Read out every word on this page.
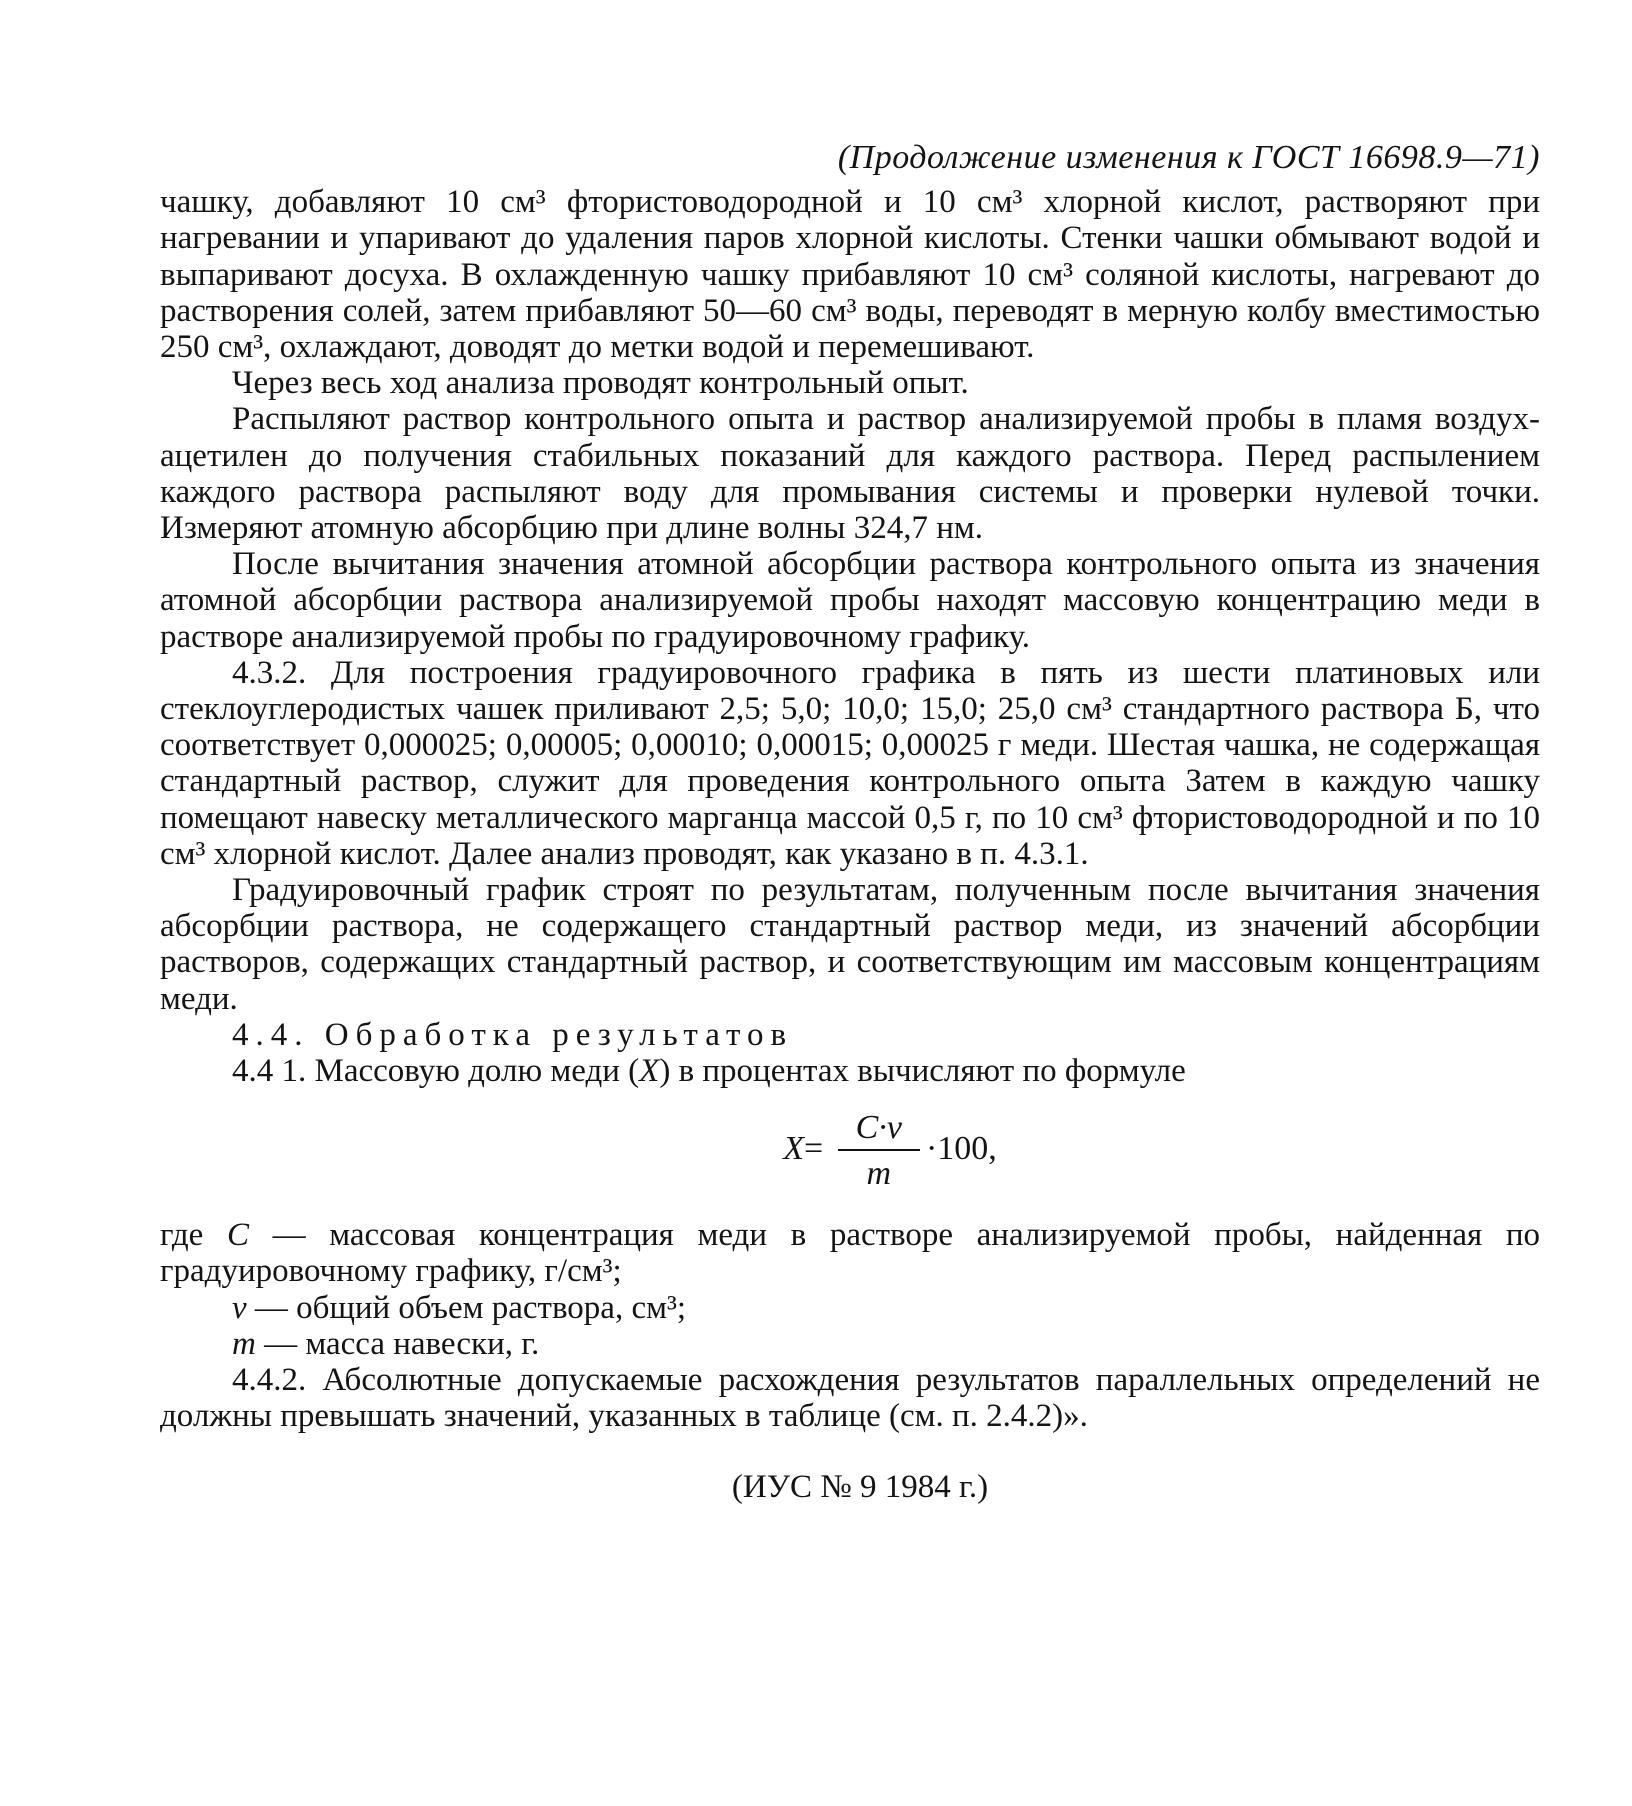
(Продолжение изменения к ГОСТ 16698.9—71)

чашку, добавляют 10 см³ фтористоводородной и 10 см³ хлорной кислот, растворяют при нагревании и упаривают до удаления паров хлорной кислоты. Стенки чашки обмывают водой и выпаривают досуха. В охлажденную чашку прибавляют 10 см³ соляной кислоты, нагревают до растворения солей, затем прибавляют 50—60 см³ воды, переводят в мерную колбу вместимостью 250 см³, охлаждают, доводят до метки водой и перемешивают.

Через весь ход анализа проводят контрольный опыт.

Распыляют раствор контрольного опыта и раствор анализируемой пробы в пламя воздух-ацетилен до получения стабильных показаний для каждого раствора. Перед распылением каждого раствора распыляют воду для промывания системы и проверки нулевой точки. Измеряют атомную абсорбцию при длине волны 324,7 нм.

После вычитания значения атомной абсорбции раствора контрольного опыта из значения атомной абсорбции раствора анализируемой пробы находят массовую концентрацию меди в растворе анализируемой пробы по градуировочному графику.

4.3.2. Для построения градуировочного графика в пять из шести платиновых или стеклоуглеродистых чашек приливают 2,5; 5,0; 10,0; 15,0; 25,0 см³ стандартного раствора Б, что соответствует 0,000025; 0,00005; 0,00010; 0,00015; 0,00025 г меди. Шестая чашка, не содержащая стандартный раствор, служит для проведения контрольного опыта Затем в каждую чашку помещают навеску металлического марганца массой 0,5 г, по 10 см³ фтористоводородной и по 10 см³ хлорной кислот. Далее анализ проводят, как указано в п. 4.3.1.

Градуировочный график строят по результатам, полученным после вычитания значения абсорбции раствора, не содержащего стандартный раствор меди, из значений абсорбции растворов, содержащих стандартный раствор, и соответствующим им массовым концентрациям меди.

4.4. Обработка результатов

4.4 1. Массовую долю меди (X) в процентах вычисляют по формуле

$X= \frac{C\cdot v}{m} \cdot 100$,

где C — массовая концентрация меди в растворе анализируемой пробы, найденная по градуировочному графику, г/см³;

v — общий объем раствора, см³;

m — масса навески, г.

4.4.2. Абсолютные допускаемые расхождения результатов параллельных определений не должны превышать значений, указанных в таблице (см. п. 2.4.2)».

(ИУС № 9 1984 г.)
